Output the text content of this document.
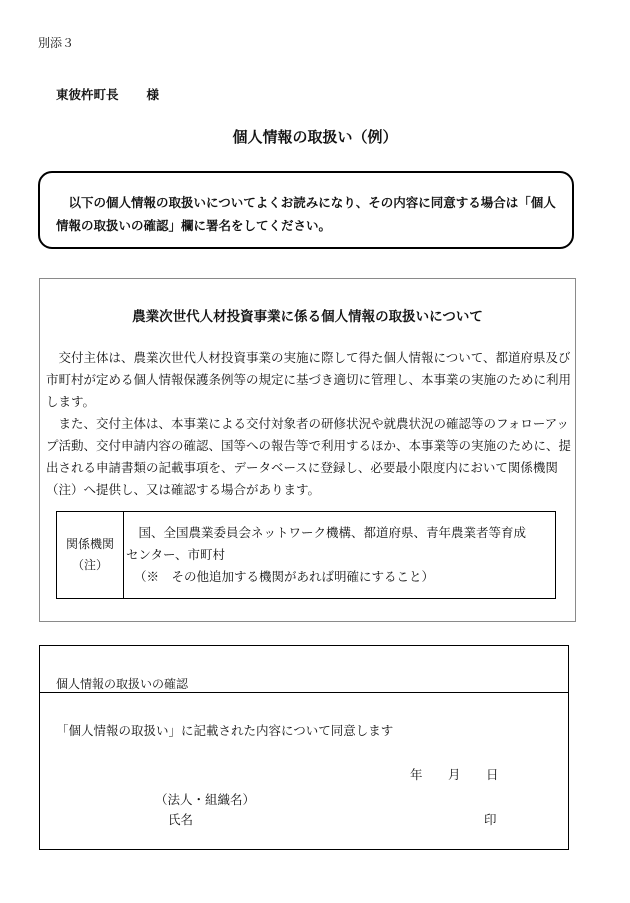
別添３
東彼杵町長 様
個人情報の取扱い（例）

以下の個人情報の取扱いについてよくお読みになり、その内容に同意する場合は「個人情報の取扱いの確認」欄に署名をしてください。

農業次世代人材投資事業に係る個人情報の取扱いについて

交付主体は、農業次世代人材投資事業の実施に際して得た個人情報について、都道府県及び市町村が定める個人情報保護条例等の規定に基づき適切に管理し、本事業の実施のために利用します。

また、交付主体は、本事業による交付対象者の研修状況や就農状況の確認等のフォローアップ活動、交付申請内容の確認、国等への報告等で利用するほか、本事業等の実施のために、提出される申請書類の記載事項を、データベースに登録し、必要最小限度内において関係機関（注）へ提供し、又は確認する場合があります。

関係機関
（注）

国、全国農業委員会ネットワーク機構、都道府県、青年農業者等育成
センター、市町村
（※　その他追加する機関があれば明確にすること）
個人情報の取扱いの確認
「個人情報の取扱い」に記載された内容について同意します
年 月 日
（法人・組織名）
氏名	印
